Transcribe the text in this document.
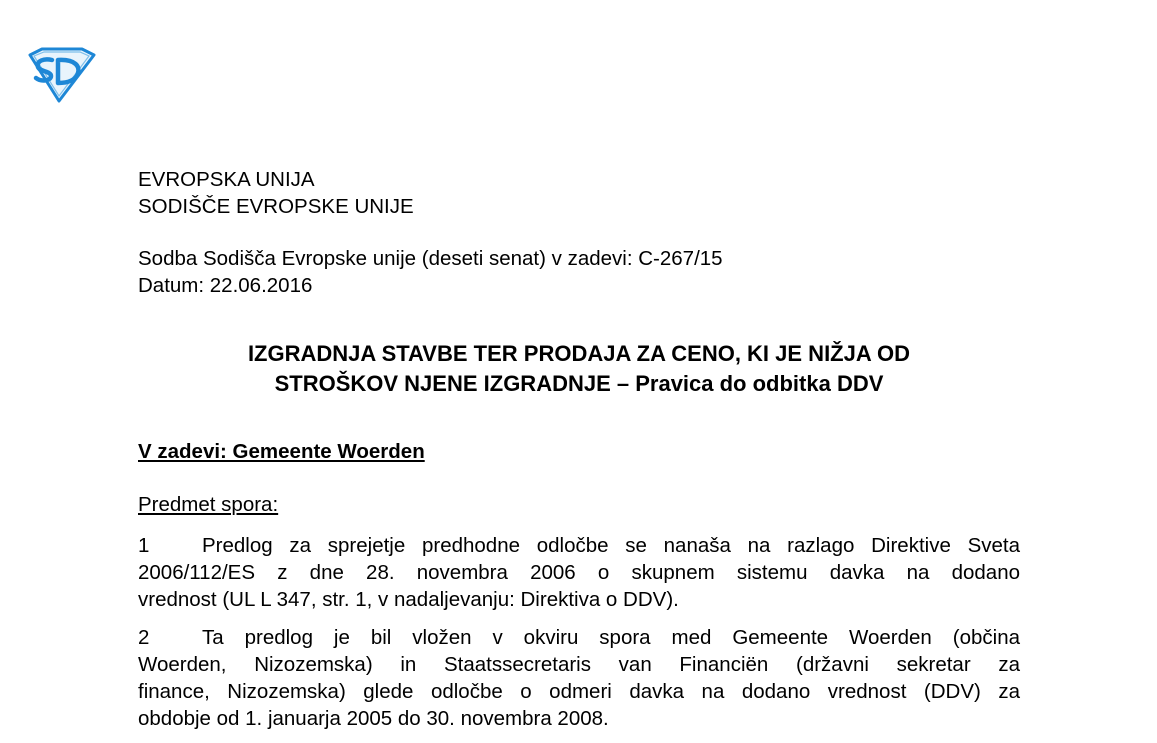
EVROPSKA UNIJA
SODIŠČE EVROPSKE UNIJE
Sodba Sodišča Evropske unije (deseti senat) v zadevi: C-267/15
Datum: 22.06.2016
IZGRADNJA STAVBE TER PRODAJA ZA CENO, KI JE NIŽJA OD
STROŠKOV NJENE IZGRADNJE – Pravica do odbitka DDV
V zadevi: Gemeente Woerden
Predmet spora:
1	Predlog za sprejetje predhodne odločbe se nanaša na razlago Direktive Sveta
2006/112/ES z dne 28. novembra 2006 o skupnem sistemu davka na dodano
vrednost (UL L 347, str. 1, v nadaljevanju: Direktiva o DDV).
2	Ta predlog je bil vložen v okviru spora med Gemeente Woerden (občina
Woerden, Nizozemska) in Staatssecretaris van Financiën (državni sekretar za
finance, Nizozemska) glede odločbe o odmeri davka na dodano vrednost (DDV) za
obdobje od 1. januarja 2005 do 30. novembra 2008.
